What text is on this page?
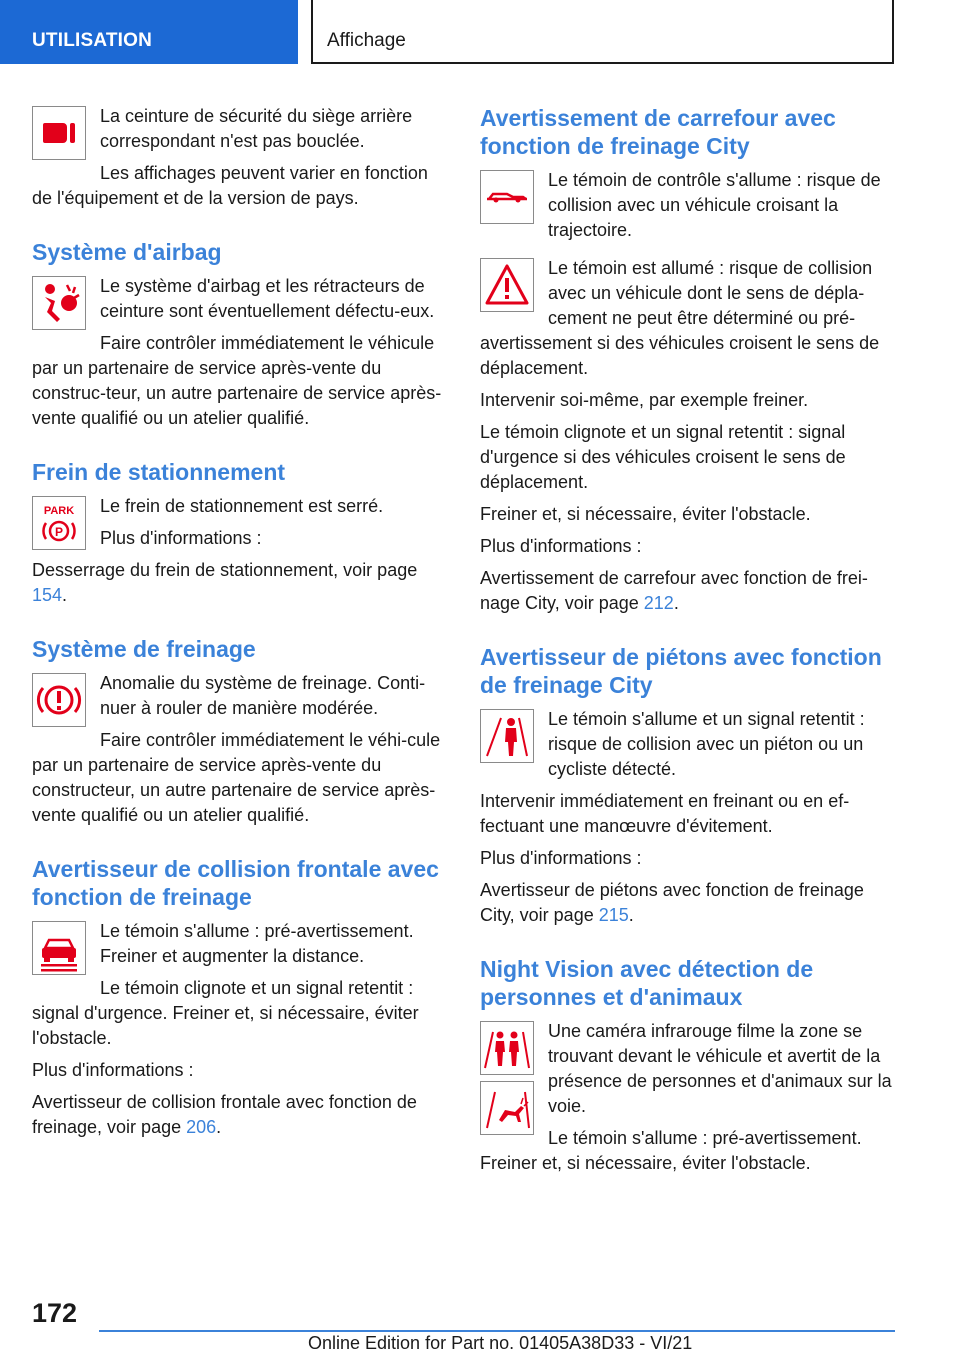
UTILISATION	Affichage

La ceinture de sécurité du siège arrière correspondant n'est pas bouclée.

Les affichages peuvent varier en fonction de l'équipement et de la version de pays.

Système d'airbag

Le système d'airbag et les rétracteurs de ceinture sont éventuellement défectu‐eux.

Faire contrôler immédiatement le véhicule par un partenaire de service après-vente du construc‐teur, un autre partenaire de service après-vente qualifié ou un atelier qualifié.

Frein de stationnement
PARK
P

Le frein de stationnement est serré.

Plus d'informations :

Desserrage du frein de stationnement, voir page 154.

Système de freinage

Anomalie du système de freinage. Conti‐nuer à rouler de manière modérée.

Faire contrôler immédiatement le véhi‐cule par un partenaire de service après-vente du constructeur, un autre partenaire de service après-vente qualifié ou un atelier qualifié.

Avertisseur de collision frontale avec fonction de freinage

Le témoin s'allume : pré-avertissement. Freiner et augmenter la distance.

Le témoin clignote et un signal retentit : signal d'urgence. Freiner et, si nécessaire, éviter l'obstacle.

Plus d'informations :

Avertisseur de collision frontale avec fonction de freinage, voir page 206.

Avertissement de carrefour avec fonction de freinage City

Le témoin de contrôle s'allume : risque de collision avec un véhicule croisant la trajectoire.

Le témoin est allumé : risque de collision avec un véhicule dont le sens de dépla‐cement ne peut être déterminé ou pré‐avertissement si des véhicules croisent le sens de déplacement.

Intervenir soi-même, par exemple freiner.

Le témoin clignote et un signal retentit : signal d'urgence si des véhicules croisent le sens de déplacement.

Freiner et, si nécessaire, éviter l'obstacle.

Plus d'informations :

Avertissement de carrefour avec fonction de frei‐nage City, voir page 212.

Avertisseur de piétons avec fonction de freinage City

Le témoin s'allume et un signal retentit : risque de collision avec un piéton ou un cycliste détecté.

Intervenir immédiatement en freinant ou en ef‐fectuant une manœuvre d'évitement.

Plus d'informations :

Avertisseur de piétons avec fonction de freinage City, voir page 215.

Night Vision avec détection de personnes et d'animaux

Une caméra infrarouge filme la zone se trouvant devant le véhicule et avertit de la présence de personnes et d'animaux sur la voie.

Le témoin s'allume : pré-avertissement. Freiner et, si nécessaire, éviter l'obstacle.

172
Online Edition for Part no. 01405A38D33 - VI/21
